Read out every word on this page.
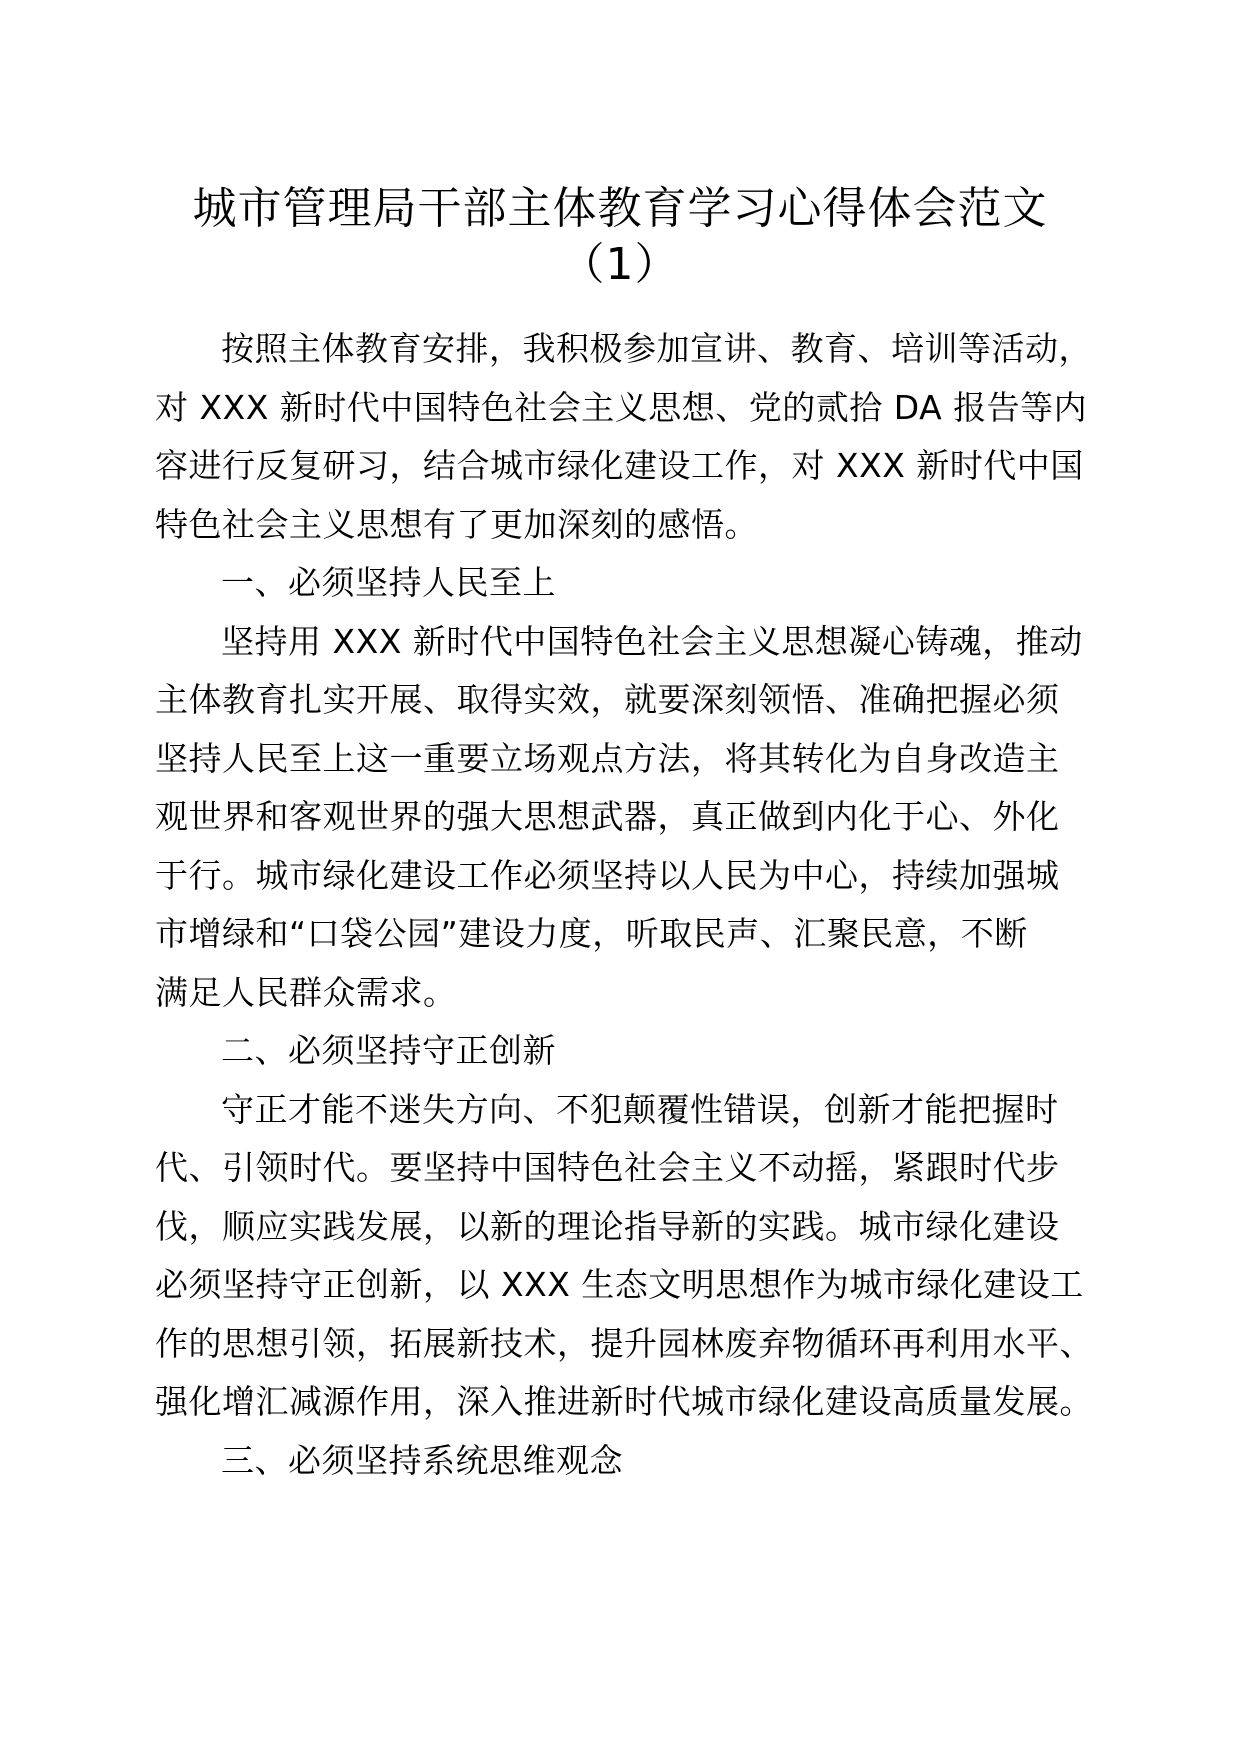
城市管理局干部主体教育学习心得体会范文
（1）
按照主体教育安排，我积极参加宣讲、教育、培训等活动，
对 XXX 新时代中国特色社会主义思想、党的贰拾 DA 报告等内
容进行反复研习，结合城市绿化建设工作，对 XXX 新时代中国
特色社会主义思想有了更加深刻的感悟。
一、必须坚持人民至上
坚持用 XXX 新时代中国特色社会主义思想凝心铸魂，推动
主体教育扎实开展、取得实效，就要深刻领悟、准确把握必须
坚持人民至上这一重要立场观点方法，将其转化为自身改造主
观世界和客观世界的强大思想武器，真正做到内化于心、外化
于行。城市绿化建设工作必须坚持以人民为中心，持续加强城
市增绿和“口袋公园”建设力度，听取民声、汇聚民意，不断
满足人民群众需求。
二、必须坚持守正创新
守正才能不迷失方向、不犯颠覆性错误，创新才能把握时
代、引领时代。要坚持中国特色社会主义不动摇，紧跟时代步
伐，顺应实践发展，以新的理论指导新的实践。城市绿化建设
必须坚持守正创新，以 XXX 生态文明思想作为城市绿化建设工
作的思想引领，拓展新技术，提升园林废弃物循环再利用水平、
强化增汇减源作用，深入推进新时代城市绿化建设高质量发展。
三、必须坚持系统思维观念
